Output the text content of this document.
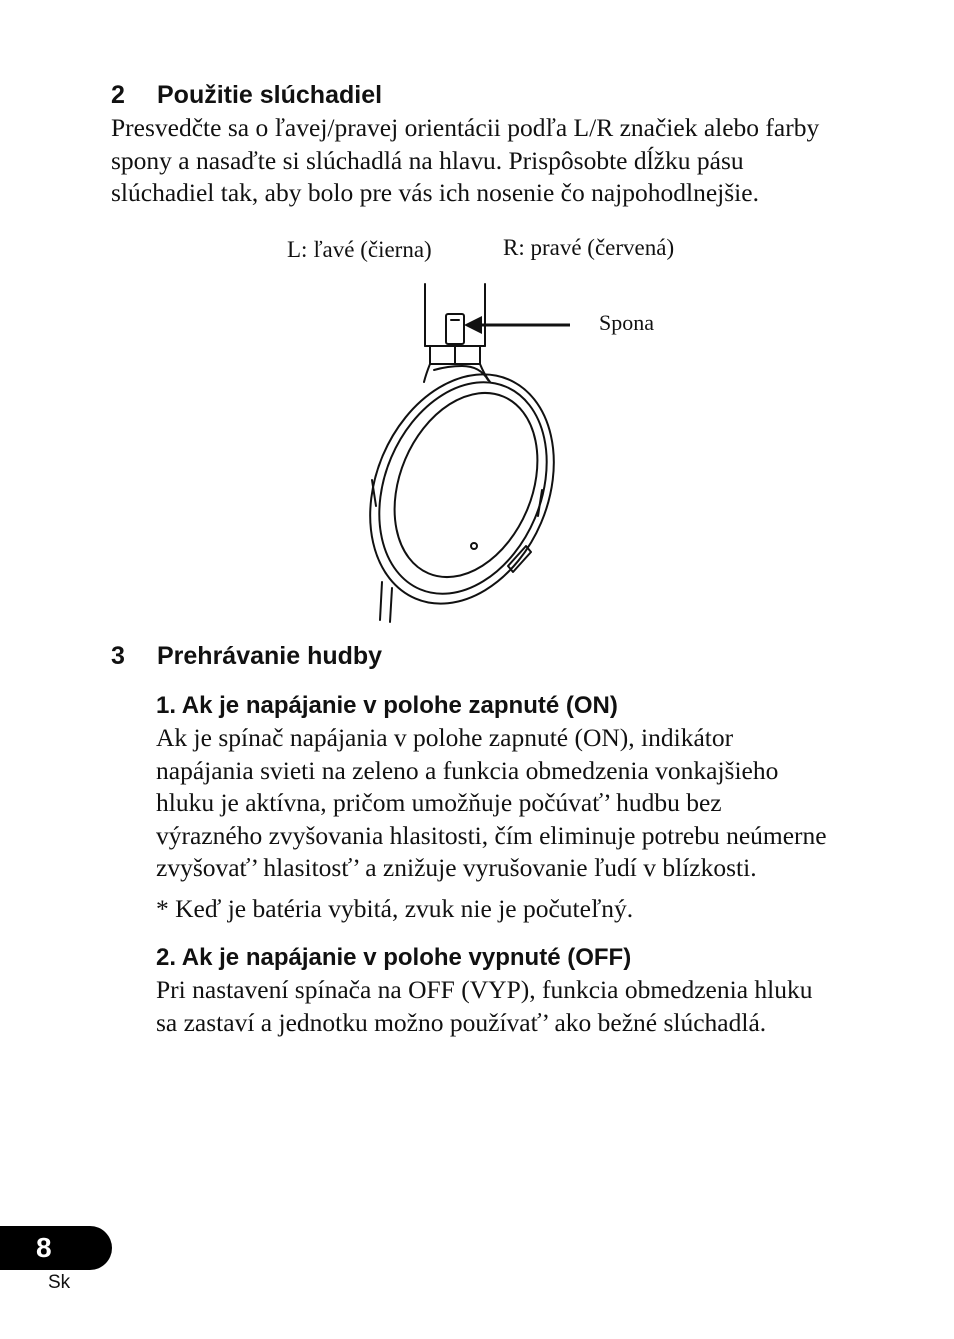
2 Použitie slúchadiel

Presvedčte sa o ľavej/pravej orientácii podľa L/R značiek alebo farby

spony a nasaďte si slúchadlá na hlavu. Prispôsobte dĺžku pásu

slúchadiel tak, aby bolo pre vás ich nosenie čo najpohodlnejšie.

L: ľavé (čierna)	R: pravé (červená)
Spona
3 Prehrávanie hudby
1. Ak je napájanie v polohe zapnuté (ON)

Ak je spínač napájania v polohe zapnuté (ON), indikátor

napájania svieti na zeleno a funkcia obmedzenia vonkajšieho

hluku je aktívna, pričom umožňuje počúvať’ hudbu bez

výrazného zvyšovania hlasitosti, čím eliminuje potrebu neúmerne

zvyšovať’ hlasitosť’ a znižuje vyrušovanie ľudí v blízkosti.

* Keď je batéria vybitá, zvuk nie je počuteľný.

2. Ak je napájanie v polohe vypnuté (OFF)

Pri nastavení spínača na OFF (VYP), funkcia obmedzenia hluku

sa zastaví a jednotku možno používať’ ako bežné slúchadlá.

8
Sk
